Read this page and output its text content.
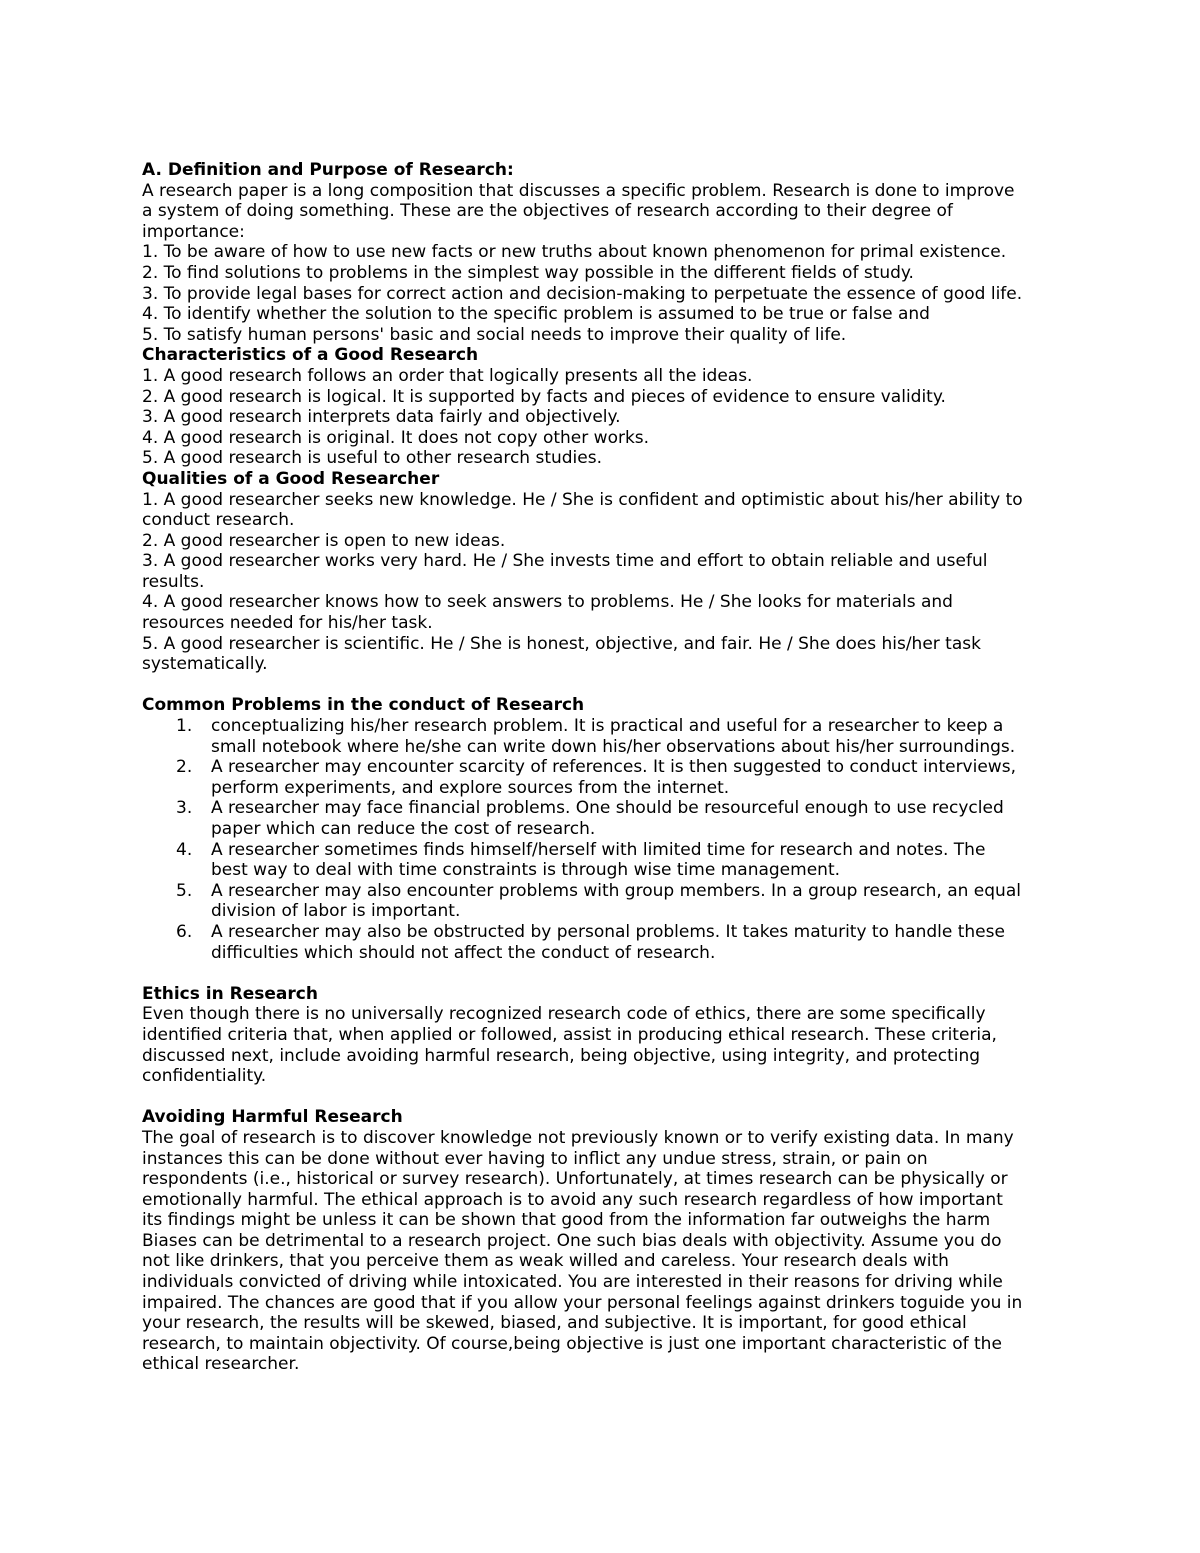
A. Definition and Purpose of Research:
A research paper is a long composition that discusses a specific problem. Research is done to improve
a system of doing something. These are the objectives of research according to their degree of
importance:
1. To be aware of how to use new facts or new truths about known phenomenon for primal existence.
2. To find solutions to problems in the simplest way possible in the different fields of study.
3. To provide legal bases for correct action and decision-making to perpetuate the essence of good life.
4. To identify whether the solution to the specific problem is assumed to be true or false and
5. To satisfy human persons' basic and social needs to improve their quality of life.
Characteristics of a Good Research
1. A good research follows an order that logically presents all the ideas.
2. A good research is logical. It is supported by facts and pieces of evidence to ensure validity.
3. A good research interprets data fairly and objectively.
4. A good research is original. It does not copy other works.
5. A good research is useful to other research studies.
Qualities of a Good Researcher
1. A good researcher seeks new knowledge. He / She is confident and optimistic about his/her ability to
conduct research.
2. A good researcher is open to new ideas.
3. A good researcher works very hard. He / She invests time and effort to obtain reliable and useful
results.
4. A good researcher knows how to seek answers to problems. He / She looks for materials and
resources needed for his/her task.
5. A good researcher is scientific. He / She is honest, objective, and fair. He / She does his/her task
systematically.
Common Problems in the conduct of Research
1. conceptualizing his/her research problem. It is practical and useful for a researcher to keep a
small notebook where he/she can write down his/her observations about his/her surroundings.
2. A researcher may encounter scarcity of references. It is then suggested to conduct interviews,
perform experiments, and explore sources from the internet.
3. A researcher may face financial problems. One should be resourceful enough to use recycled
paper which can reduce the cost of research.
4. A researcher sometimes finds himself/herself with limited time for research and notes. The
best way to deal with time constraints is through wise time management.
5. A researcher may also encounter problems with group members. In a group research, an equal
division of labor is important.
6. A researcher may also be obstructed by personal problems. It takes maturity to handle these
difficulties which should not affect the conduct of research.
Ethics in Research
Even though there is no universally recognized research code of ethics, there are some specifically
identified criteria that, when applied or followed, assist in producing ethical research. These criteria,
discussed next, include avoiding harmful research, being objective, using integrity, and protecting
confidentiality.
Avoiding Harmful Research
The goal of research is to discover knowledge not previously known or to verify existing data. In many
instances this can be done without ever having to inflict any undue stress, strain, or pain on
respondents (i.e., historical or survey research). Unfortunately, at times research can be physically or
emotionally harmful. The ethical approach is to avoid any such research regardless of how important
its findings might be unless it can be shown that good from the information far outweighs the harm
Biases can be detrimental to a research project. One such bias deals with objectivity. Assume you do
not like drinkers, that you perceive them as weak willed and careless. Your research deals with
individuals convicted of driving while intoxicated. You are interested in their reasons for driving while
impaired. The chances are good that if you allow your personal feelings against drinkers toguide you in
your research, the results will be skewed, biased, and subjective. It is important, for good ethical
research, to maintain objectivity. Of course,being objective is just one important characteristic of the
ethical researcher.
